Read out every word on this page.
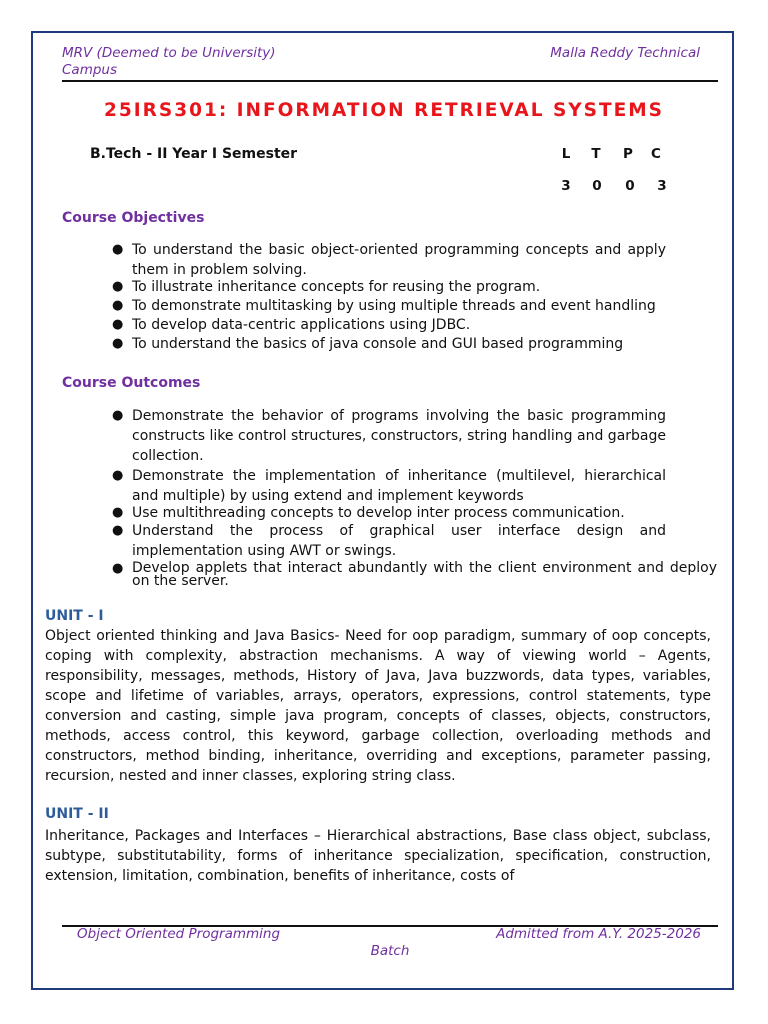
MRV (Deemed to be University)
Campus
Malla Reddy Technical
25IRS301: INFORMATION RETRIEVAL SYSTEMS
B.Tech - II Year I Semester	L	T	P	C
3	0	0	3
Course Objectives
● To understand the basic object-oriented programming concepts and apply them in problem solving.
● To illustrate inheritance concepts for reusing the program.
● To demonstrate multitasking by using multiple threads and event handling
● To develop data-centric applications using JDBC.
● To understand the basics of java console and GUI based programming
Course Outcomes
● Demonstrate the behavior of programs involving the basic programming constructs like control structures, constructors, string handling and garbage collection.
● Demonstrate the implementation of inheritance (multilevel, hierarchical and multiple) by using extend and implement keywords
● Use multithreading concepts to develop inter process communication.
● Understand the process of graphical user interface design and implementation using AWT or swings.
● Develop applets that interact abundantly with the client environment and deploy on the server.
UNIT - I
Object oriented thinking and Java Basics- Need for oop paradigm, summary of oop concepts, coping with complexity, abstraction mechanisms. A way of viewing world – Agents, responsibility, messages, methods, History of Java, Java buzzwords, data types, variables, scope and lifetime of variables, arrays, operators, expressions, control statements, type conversion and casting, simple java program, concepts of classes, objects, constructors, methods, access control, this keyword, garbage collection, overloading methods and constructors, method binding, inheritance, overriding and exceptions, parameter passing, recursion, nested and inner classes, exploring string class.
UNIT - II
Inheritance, Packages and Interfaces – Hierarchical abstractions, Base class object, subclass, subtype, substitutability, forms of inheritance specialization, specification, construction, extension, limitation, combination, benefits of inheritance, costs of
Object Oriented Programming	Admitted from A.Y. 2025-2026
Batch
